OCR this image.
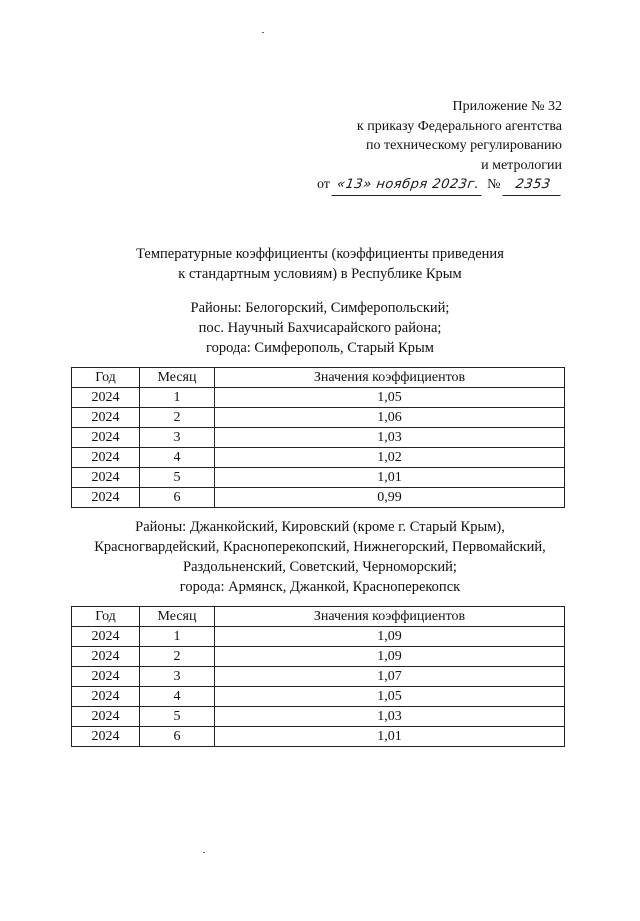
Приложение № 32
к приказу Федерального агентства
по техническому регулированию
и метрологии
от «13» ноября 2023г. № 2353
Температурные коэффициенты (коэффициенты приведения
к стандартным условиям) в Республике Крым
Районы: Белогорский, Симферопольский;
пос. Научный Бахчисарайского района;
города: Симферополь, Старый Крым
Год	Месяц	Значения коэффициентов
2024	1	1,05
2024	2	1,06
2024	3	1,03
2024	4	1,02
2024	5	1,01
2024	6	0,99
Районы: Джанкойский, Кировский (кроме г. Старый Крым),
Красногвардейский, Красноперекопский, Нижнегорский, Первомайский,
Раздольненский, Советский, Черноморский;
города: Армянск, Джанкой, Красноперекопск
Год	Месяц	Значения коэффициентов
2024	1	1,09
2024	2	1,09
2024	3	1,07
2024	4	1,05
2024	5	1,03
2024	6	1,01
